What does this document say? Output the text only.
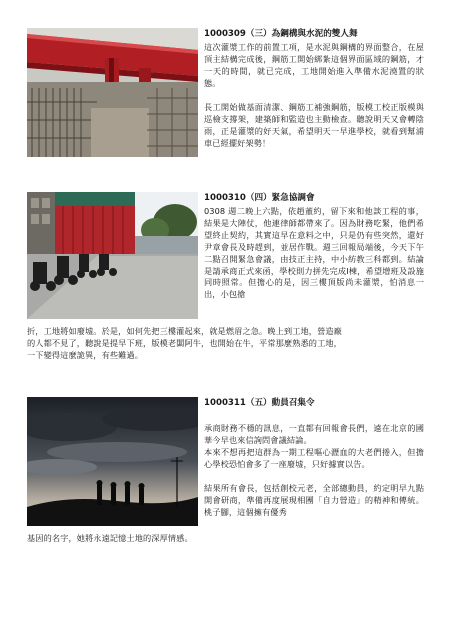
1000309（三）為鋼構與水泥的雙人舞

這次灌漿工作的前置工項，是水泥與鋼構的界面整合，在屋頂主結構完成後，鋼筋工開始綁紮這個界面區域的鋼筋，才一天的時間，就已完成，工地開始進入準備水泥澆置的狀態。

長工開始做基面清潔、鋼筋工補強鋼筋，版模工校正版模與巡檢支撐架，建築師和監造也主動檢查。聽說明天又會轉陰雨，正是灌漿的好天氣，希望明天一早進學校，就看到幫浦車已經擺好架勢！

1000310（四）緊急協調會

0308 週二晚上六點，依趙董約，留下來和他談工程的事，結果是大陣仗，他連律師都帶來了。因為財務吃緊，他們希望終止契約，其實這早在意料之中，只是仍有些突然，還好尹章會長及時趕到，並居作戰。週三回報局端後，今天下午二點召開緊急會議，由技正主持，中小紡教三科都到。結論是請承商正式來函，學校則力拼先完成Ⅰ棟，希望增班及設施同時照常。但擔心的是，因三樓頂版尚未灌漿，怕消息一出，小包搶

折，工地將如廢墟。於是，如何先把三樓灌起來，就是燃眉之急。晚上到工地，營造廠
的人都不見了，聽說是提早下班，版模老闆阿牛，也開始在牛，平常那麼熟悉的工地，
一下變得這麼詭異，有些難過。
1000311（五）動員召集令

承商財務不穩的訊息，一直都有回報會長們，遠在北京的國華今早也來信詢問會議結論。

本來不想再把這群為一期工程嘔心瀝血的大老們捲入，但擔心學校恐怕會多了一座廢墟，只好據實以告。

結果所有會長，包括創校元老，全部總動員，約定明早九點開會研商，準備再度展現相團「自力營造」的精神和傳統。桃子腳，這個擁有優秀

基因的名字，她將永遠記憶土地的深厚情感。
